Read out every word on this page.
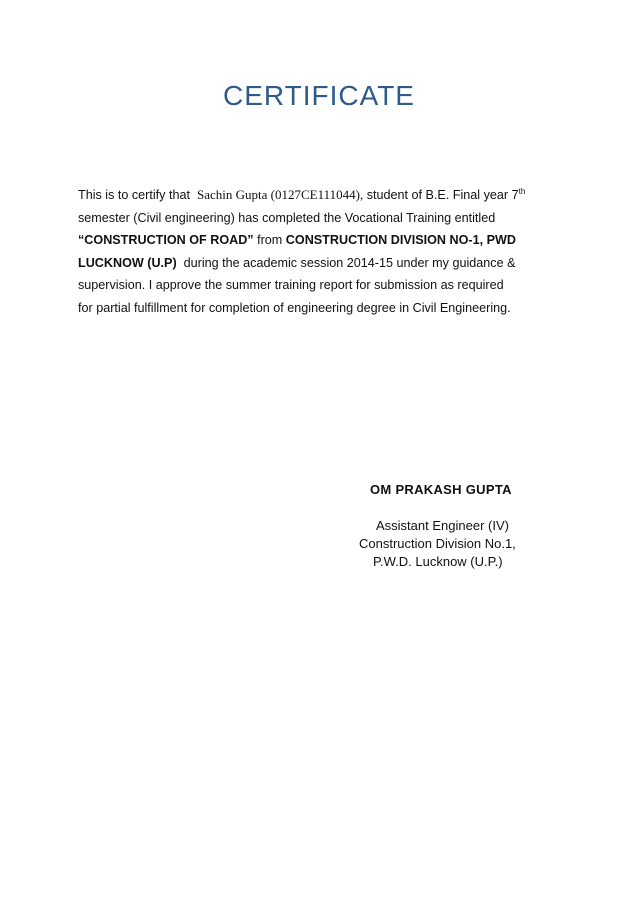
CERTIFICATE
This is to certify that Sachin Gupta (0127CE111044), student of B.E. Final year 7th
semester (Civil engineering) has completed the Vocational Training entitled
“CONSTRUCTION OF ROAD” from CONSTRUCTION DIVISION NO-1, PWD
LUCKNOW (U.P) during the academic session 2014-15 under my guidance &
supervision. I approve the summer training report for submission as required
for partial fulfillment for completion of engineering degree in Civil Engineering.
OM PRAKASH GUPTA
Assistant Engineer (IV)
Construction Division No.1,
P.W.D. Lucknow (U.P.)
